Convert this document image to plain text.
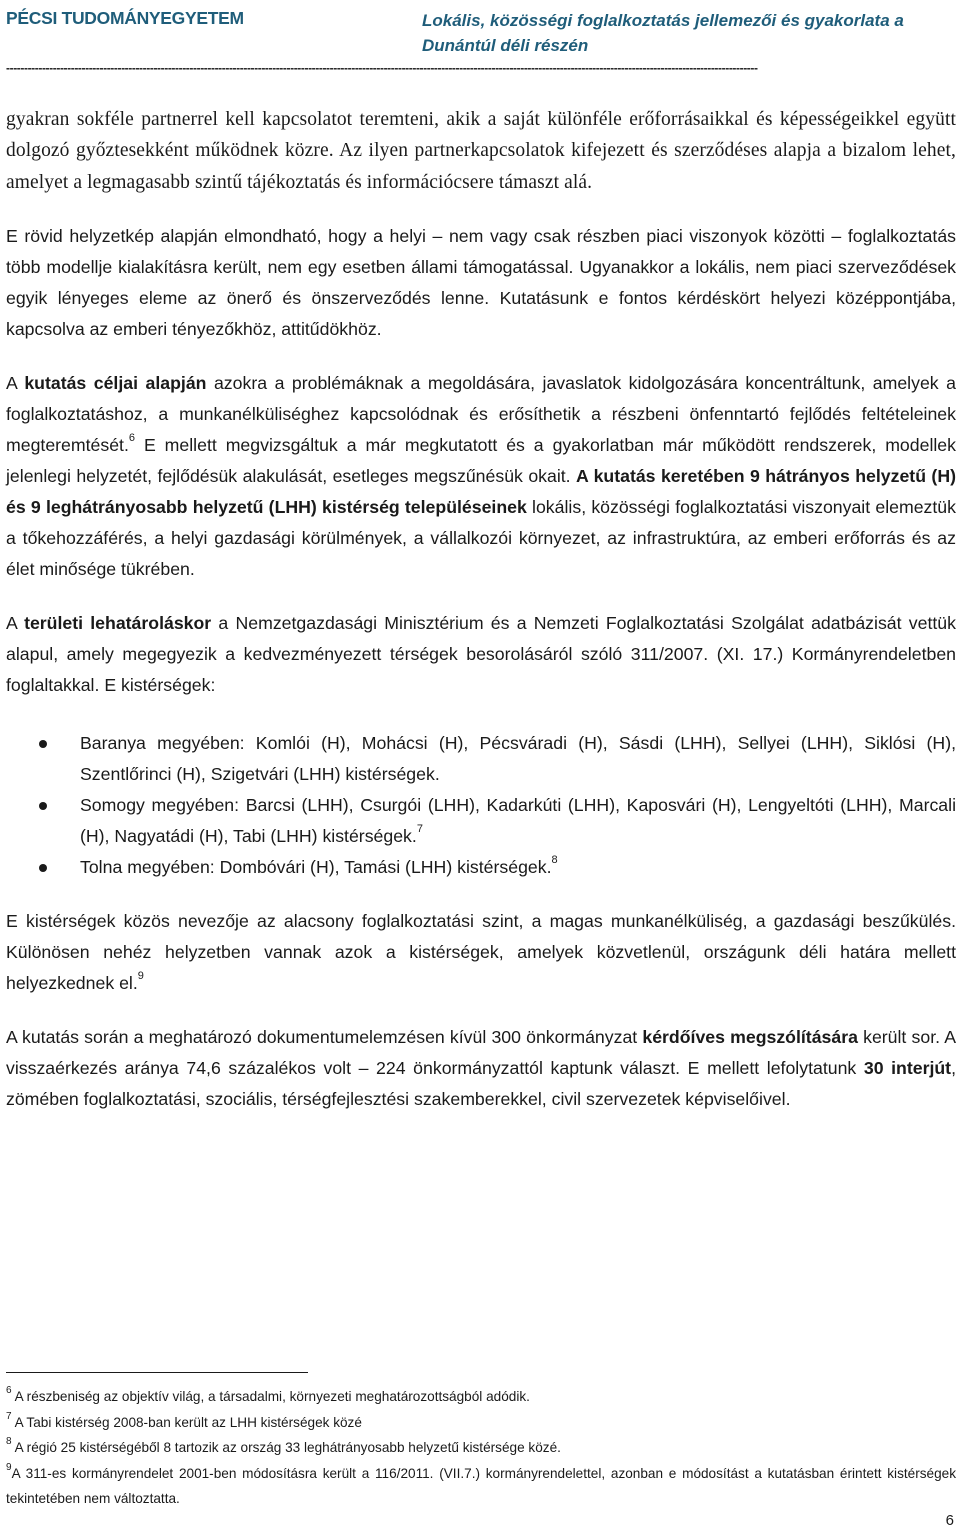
PÉCSI TUDOMÁNYEGYETEM	Lokális, közösségi foglalkoztatás jellemezői és gyakorlata a Dunántúl déli részén
-----------------------------------------------------------------------------------------------------------------------------------------------------------------------------------------------------------------

gyakran sokféle partnerrel kell kapcsolatot teremteni, akik a saját különféle erőforrásaikkal és képességeikkel együtt dolgozó győztesekként működnek közre. Az ilyen partnerkapcsolatok kifejezett és szerződéses alapja a bizalom lehet, amelyet a legmagasabb szintű tájékoztatás és információcsere támaszt alá.

E rövid helyzetkép alapján elmondható, hogy a helyi – nem vagy csak részben piaci viszonyok közötti – foglalkoztatás több modellje kialakításra került, nem egy esetben állami támogatással. Ugyanakkor a lokális, nem piaci szerveződések egyik lényeges eleme az önerő és önszerveződés lenne. Kutatásunk e fontos kérdéskört helyezi középpontjába, kapcsolva az emberi tényezőkhöz, attitűdökhöz.

A kutatás céljai alapján azokra a problémáknak a megoldására, javaslatok kidolgozására koncentráltunk, amelyek a foglalkoztatáshoz, a munkanélküliséghez kapcsolódnak és erősíthetik a részbeni önfenntartó fejlődés feltételeinek megteremtését.$^6$ E mellett megvizsgáltuk a már megkutatott és a gyakorlatban már működött rendszerek, modellek jelenlegi helyzetét, fejlődésük alakulását, esetleges megszűnésük okait. A kutatás keretében 9 hátrányos helyzetű (H) és 9 leghátrányosabb helyzetű (LHH) kistérség településeinek lokális, közösségi foglalkoztatási viszonyait elemeztük a tőkehozzáférés, a helyi gazdasági körülmények, a vállalkozói környezet, az infrastruktúra, az emberi erőforrás és az élet minősége tükrében.

A területi lehatároláskor a Nemzetgazdasági Minisztérium és a Nemzeti Foglalkoztatási Szolgálat adatbázisát vettük alapul, amely megegyezik a kedvezményezett térségek besorolásáról szóló 311/2007. (XI. 17.) Kormányrendeletben foglaltakkal. E kistérségek:

Baranya megyében: Komlói (H), Mohácsi (H), Pécsváradi (H), Sásdi (LHH), Sellyei (LHH), Siklósi (H), Szentlőrinci (H), Szigetvári (LHH) kistérségek.
Somogy megyében: Barcsi (LHH), Csurgói (LHH), Kadarkúti (LHH), Kaposvári (H), Lengyeltóti (LHH), Marcali (H), Nagyatádi (H), Tabi (LHH) kistérségek.$^7$
Tolna megyében: Dombóvári (H), Tamási (LHH) kistérségek.$^8$

E kistérségek közös nevezője az alacsony foglalkoztatási szint, a magas munkanélküliség, a gazdasági beszűkülés. Különösen nehéz helyzetben vannak azok a kistérségek, amelyek közvetlenül, országunk déli határa mellett helyezkednek el.$^9$

A kutatás során a meghatározó dokumentumelemzésen kívül 300 önkormányzat kérdőíves megszólítására került sor. A visszaérkezés aránya 74,6 százalékos volt – 224 önkormányzattól kaptunk választ. E mellett lefolytatunk 30 interjút, zömében foglalkoztatási, szociális, térségfejlesztési szakemberekkel, civil szervezetek képviselőivel.

$^6$ A részbeniség az objektív világ, a társadalmi, környezeti meghatározottságból adódik.
$^7$ A Tabi kistérség 2008-ban került az LHH kistérségek közé
$^8$ A régió 25 kistérségéből 8 tartozik az ország 33 leghátrányosabb helyzetű kistérsége közé.
$^9$A 311-es kormányrendelet 2001-ben módosításra került a 116/2011. (VII.7.) kormányrendelettel, azonban e módosítást a kutatásban érintett kistérségek tekintetében nem változtatta.
6
